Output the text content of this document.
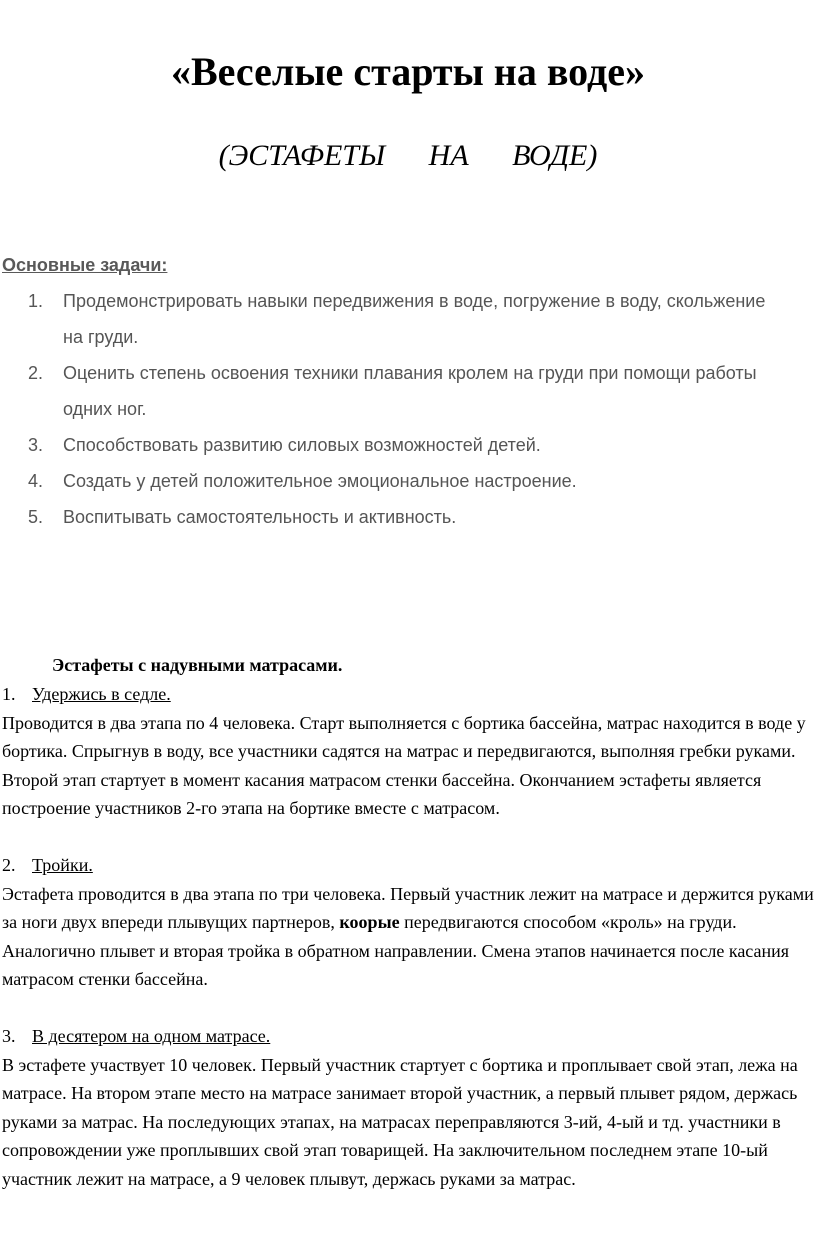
«Веселые старты на воде»
(ЭСТАФЕТЫ НА ВОДЕ)
Основные задачи:
1. Продемонстрировать навыки передвижения в воде, погружение в воду, скольжение на груди.
2. Оценить степень освоения техники плавания кролем на груди при помощи работы одних ног.
3. Способствовать развитию силовых возможностей детей.
4. Создать у детей положительное эмоциональное настроение.
5. Воспитывать самостоятельность и активность.
Эстафеты с надувными матрасами.
1. Удержись в седле.

Проводится в два этапа по 4 человека. Старт выполняется с бортика бассейна, матрас находится в воде у бортика. Спрыгнув в воду, все участники садятся на матрас и передвигаются, выполняя гребки руками. Второй этап стартует в момент касания матрасом стенки бассейна. Окончанием эстафеты является построение участников 2-го этапа на бортике вместе с матрасом.

2. Тройки.

Эстафета проводится в два этапа по три человека. Первый участник лежит на матрасе и держится руками за ноги двух впереди плывущих партнеров, коорые передвигаются способом «кроль» на груди. Аналогично плывет и вторая тройка в обратном направлении. Смена этапов начинается после касания матрасом стенки бассейна.

3. В десятером на одном матрасе.

В эстафете участвует 10 человек. Первый участник стартует с бортика и проплывает свой этап, лежа на матрасе. На втором этапе место на матрасе занимает второй участник, а первый плывет рядом, держась руками за матрас. На последующих этапах, на матрасах переправляются 3-ий, 4-ый и тд. участники в сопровождении уже проплывших свой этап товарищей. На заключительном последнем этапе 10-ый участник лежит на матрасе, а 9 человек плывут, держась руками за матрас.
